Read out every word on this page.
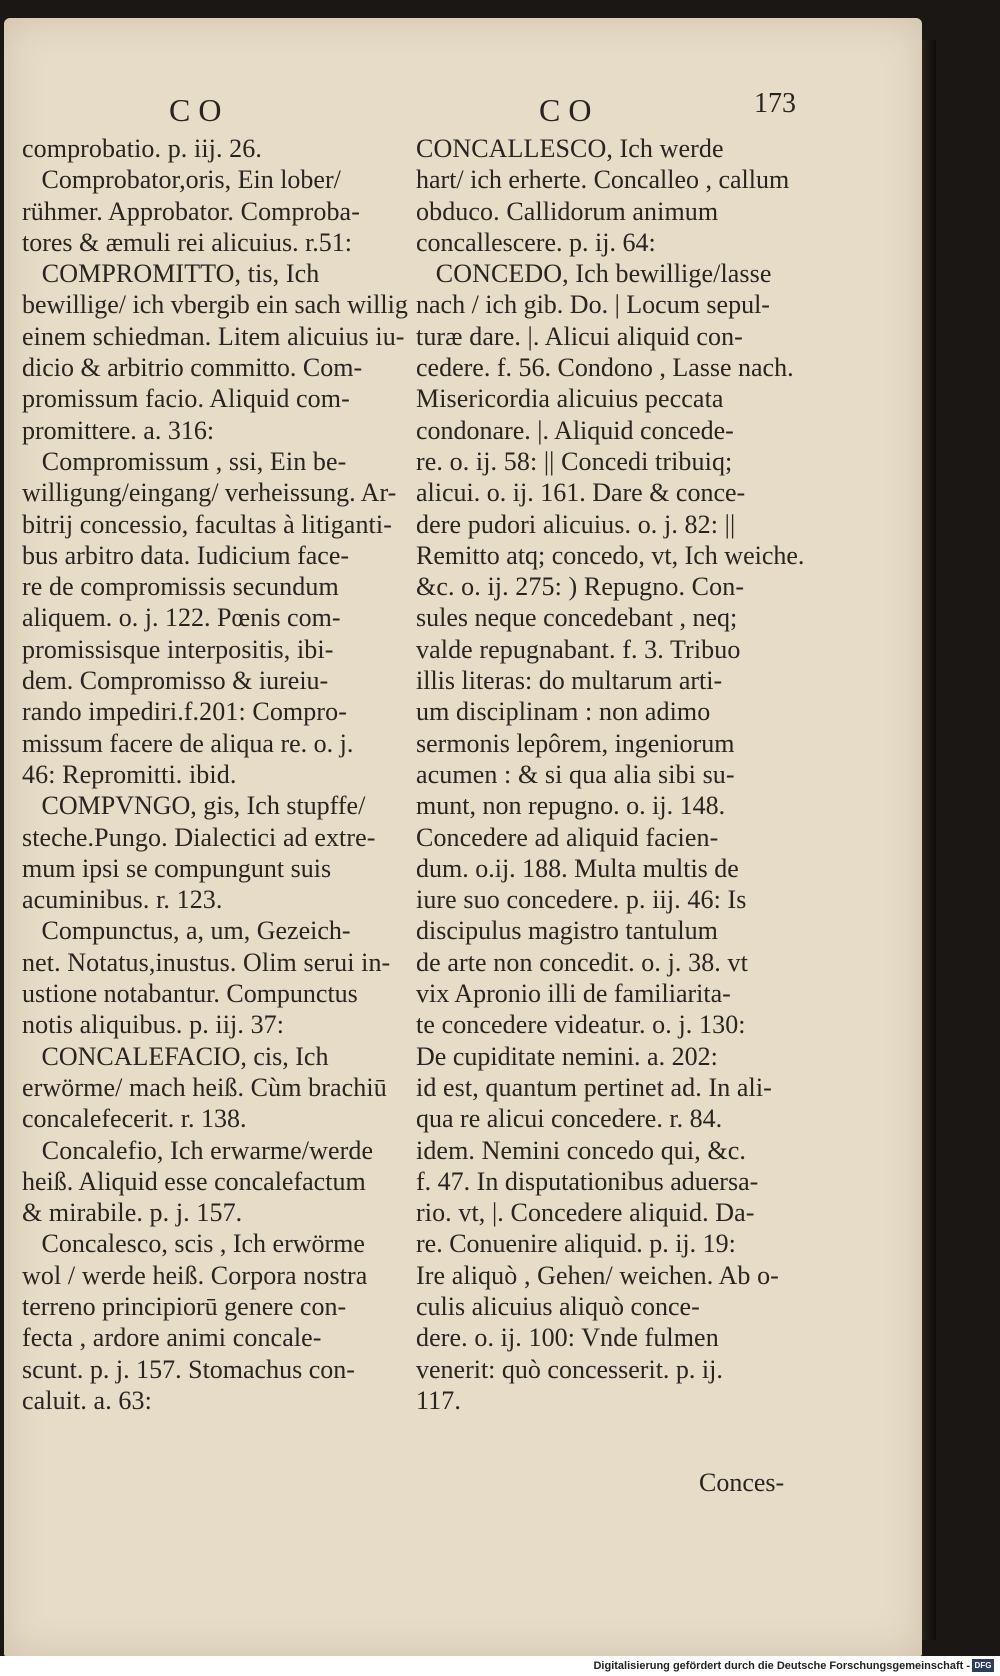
CO	CO	173
comprobatio. p. iij. 26.
Comprobator,oris, Ein lober/
rühmer. Approbator. Comproba-
tores & æmuli rei alicuius. r.51:
COMPROMITTO, tis, Ich
bewillige/ ich vbergib ein sach willig
einem schiedman. Litem alicuius iu-
dicio & arbitrio committo. Com-
promissum facio. Aliquid com-
promittere. a. 316:
Compromissum , ssi, Ein be-
willigung/eingang/ verheissung. Ar-
bitrij concessio, facultas à litiganti-
bus arbitro data. Iudicium face-
re de compromissis secundum
aliquem. o. j. 122. Pœnis com-
promissisque interpositis, ibi-
dem. Compromisso & iureiu-
rando impediri.f.201: Compro-
missum facere de aliqua re. o. j.
46: Repromitti. ibid.
COMPVNGO, gis, Ich stupffe/
steche.Pungo. Dialectici ad extre-
mum ipsi se compungunt suis
acuminibus. r. 123.
Compunctus, a, um, Gezeich-
net. Notatus,inustus. Olim serui in-
ustione notabantur. Compunctus
notis aliquibus. p. iij. 37:
CONCALEFACIO, cis, Ich
erwörme/ mach heiß. Cùm brachiū
concalefecerit. r. 138.
Concalefio, Ich erwarme/werde
heiß. Aliquid esse concalefactum
& mirabile. p. j. 157.
Concalesco, scis , Ich erwörme
wol / werde heiß. Corpora nostra
terreno principiorū genere con-
fecta , ardore animi concale-
scunt. p. j. 157. Stomachus con-
caluit. a. 63:
CONCALLESCO, Ich werde
hart/ ich erherte. Concalleo , callum
obduco. Callidorum animum
concallescere. p. ij. 64:
CONCEDO, Ich bewillige/lasse
nach / ich gib. Do. | Locum sepul-
turæ dare. |. Alicui aliquid con-
cedere. f. 56. Condono , Lasse nach.
Misericordia alicuius peccata
condonare. |. Aliquid concede-
re. o. ij. 58: || Concedi tribuiq;
alicui. o. ij. 161. Dare & conce-
dere pudori alicuius. o. j. 82: ||
Remitto atq; concedo, vt, Ich weiche.
&c. o. ij. 275: ) Repugno. Con-
sules neque concedebant , neq;
valde repugnabant. f. 3. Tribuo
illis literas: do multarum arti-
um disciplinam : non adimo
sermonis lepôrem, ingeniorum
acumen : & si qua alia sibi su-
munt, non repugno. o. ij. 148.
Concedere ad aliquid facien-
dum. o.ij. 188. Multa multis de
iure suo concedere. p. iij. 46: Is
discipulus magistro tantulum
de arte non concedit. o. j. 38. vt
vix Apronio illi de familiarita-
te concedere videatur. o. j. 130:
De cupiditate nemini. a. 202:
id est, quantum pertinet ad. In ali-
qua re alicui concedere. r. 84.
idem. Nemini concedo qui, &c.
f. 47. In disputationibus aduersa-
rio. vt, |. Concedere aliquid. Da-
re. Conuenire aliquid. p. ij. 19:
Ire aliquò , Gehen/ weichen. Ab o-
culis alicuius aliquò conce-
dere. o. ij. 100: Vnde fulmen
venerit: quò concesserit. p. ij.
117.
Conces-
Digitalisierung gefördert durch die Deutsche Forschungsgemeinschaft - DFG
